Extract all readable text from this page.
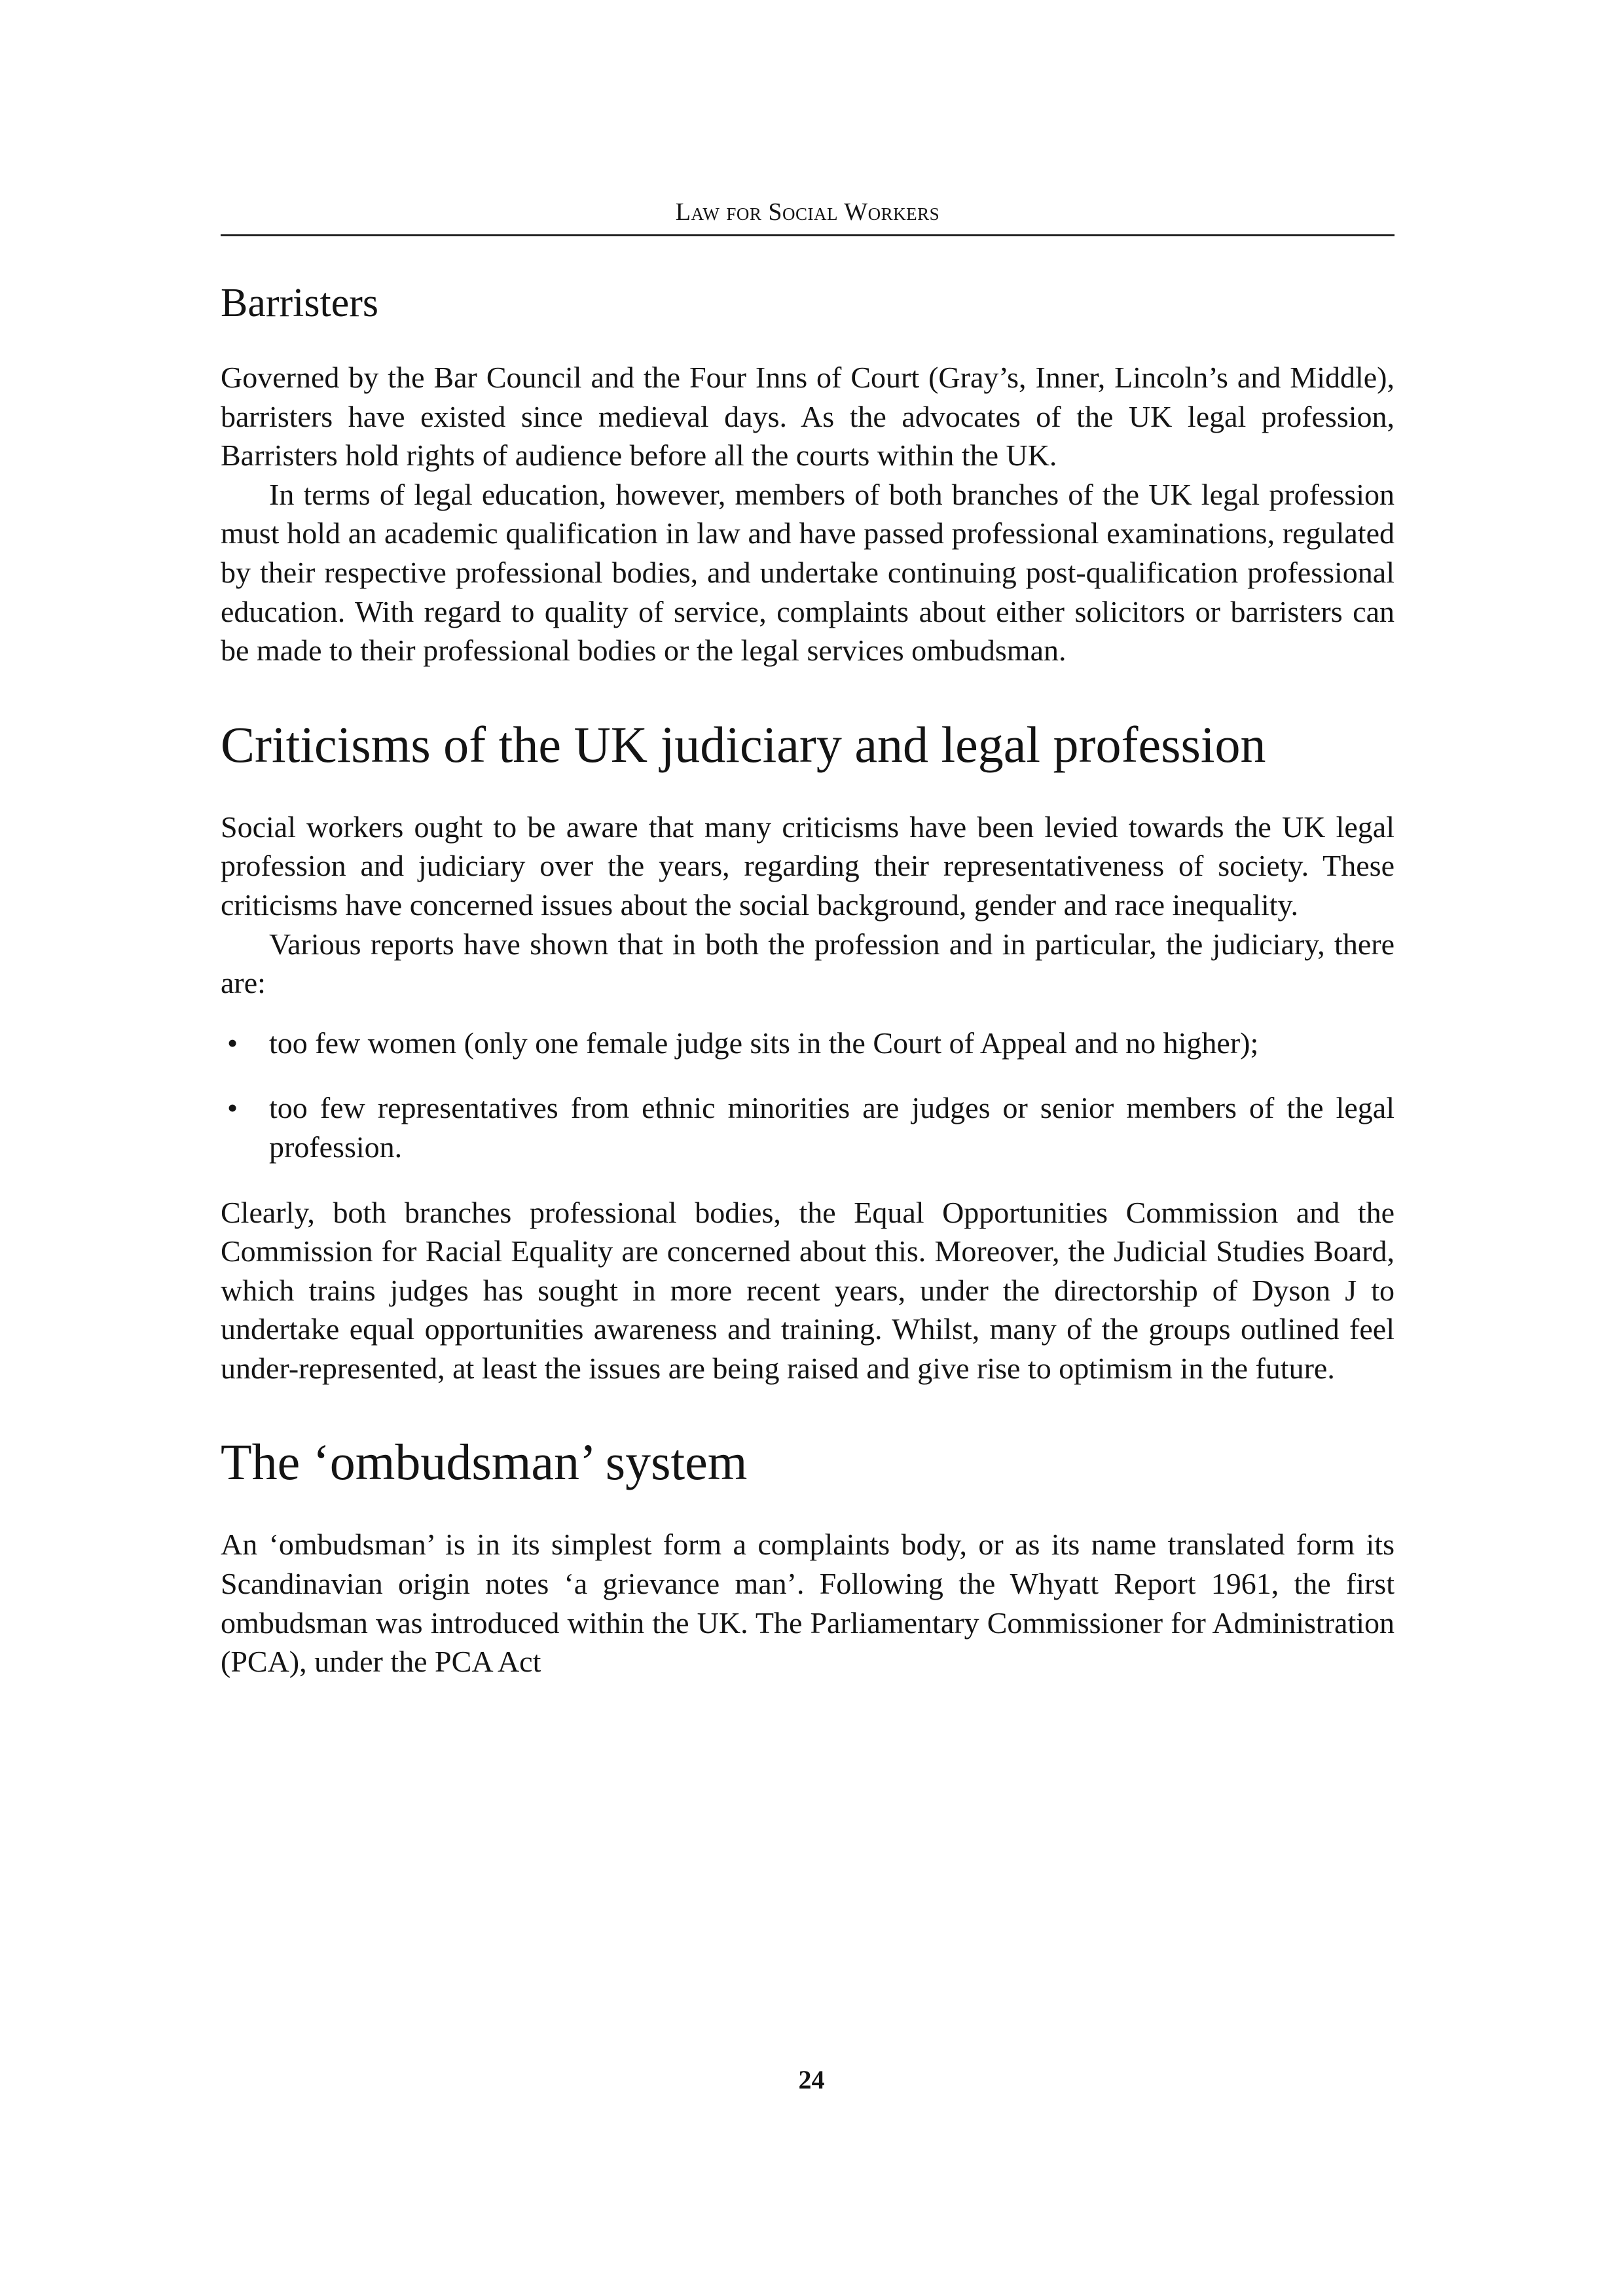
Law for Social Workers
Barristers

Governed by the Bar Council and the Four Inns of Court (Gray’s, Inner, Lincoln’s and Middle), barristers have existed since medieval days. As the advocates of the UK legal profession, Barristers hold rights of audience before all the courts within the UK.

In terms of legal education, however, members of both branches of the UK legal profession must hold an academic qualification in law and have passed professional examinations, regulated by their respective professional bodies, and undertake continuing post-qualification professional education. With regard to quality of service, complaints about either solicitors or barristers can be made to their professional bodies or the legal services ombudsman.

Criticisms of the UK judiciary and legal profession

Social workers ought to be aware that many criticisms have been levied towards the UK legal profession and judiciary over the years, regarding their representativeness of society. These criticisms have concerned issues about the social background, gender and race inequality.

Various reports have shown that in both the profession and in particular, the judiciary, there are:

• too few women (only one female judge sits in the Court of Appeal and no higher);
• too few representatives from ethnic minorities are judges or senior members of the legal profession.

Clearly, both branches professional bodies, the Equal Opportunities Commission and the Commission for Racial Equality are concerned about this. Moreover, the Judicial Studies Board, which trains judges has sought in more recent years, under the directorship of Dyson J to undertake equal opportunities awareness and training. Whilst, many of the groups outlined feel under-represented, at least the issues are being raised and give rise to optimism in the future.

The ‘ombudsman’ system

An ‘ombudsman’ is in its simplest form a complaints body, or as its name translated form its Scandinavian origin notes ‘a grievance man’. Following the Whyatt Report 1961, the first ombudsman was introduced within the UK. The Parliamentary Commissioner for Administration (PCA), under the PCA Act

24
